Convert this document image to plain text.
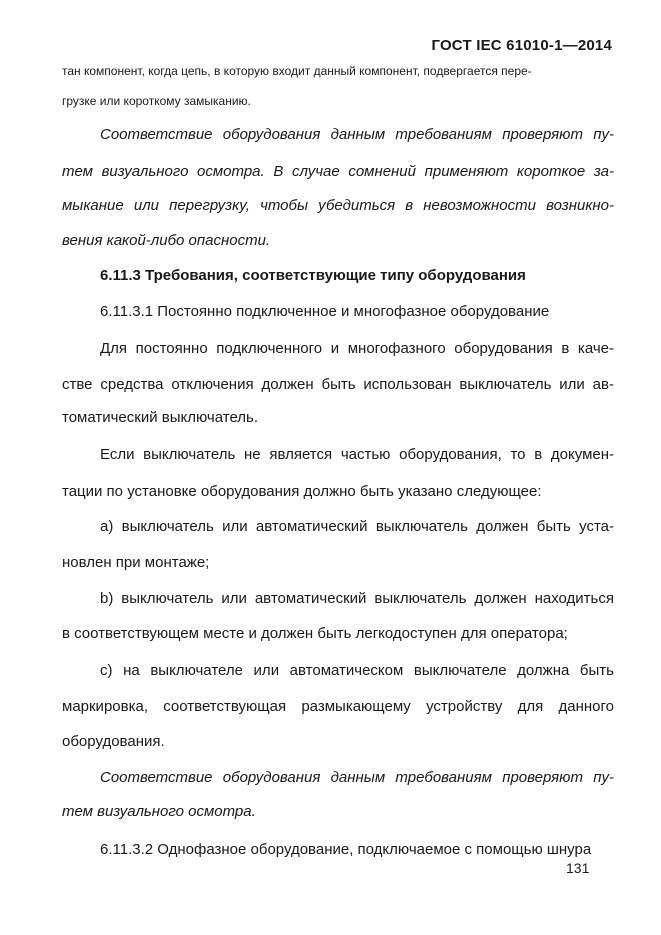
ГОСТ IEC 61010-1—2014
тан компонент, когда цепь, в которую входит данный компонент, подвергается пере-
грузке или короткому замыканию.
Соответствие оборудования данным требованиям проверяют пу-
тем визуального осмотра. В случае сомнений применяют короткое за-
мыкание или перегрузку, чтобы убедиться в невозможности возникно-
вения какой-либо опасности.
6.11.3 Требования, соответствующие типу оборудования
6.11.3.1 Постоянно подключенное и многофазное оборудование
Для постоянно подключенного и многофазного оборудования в каче-
стве средства отключения должен быть использован выключатель или ав-
томатический выключатель.
Если выключатель не является частью оборудования, то в докумен-
тации по установке оборудования должно быть указано следующее:
a) выключатель или автоматический выключатель должен быть уста-
новлен при монтаже;
b) выключатель или автоматический выключатель должен находиться
в соответствующем месте и должен быть легкодоступен для оператора;
c) на выключателе или автоматическом выключателе должна быть
маркировка, соответствующая размыкающему устройству для данного
оборудования.
Соответствие оборудования данным требованиям проверяют пу-
тем визуального осмотра.
6.11.3.2 Однофазное оборудование, подключаемое с помощью шнура
131
